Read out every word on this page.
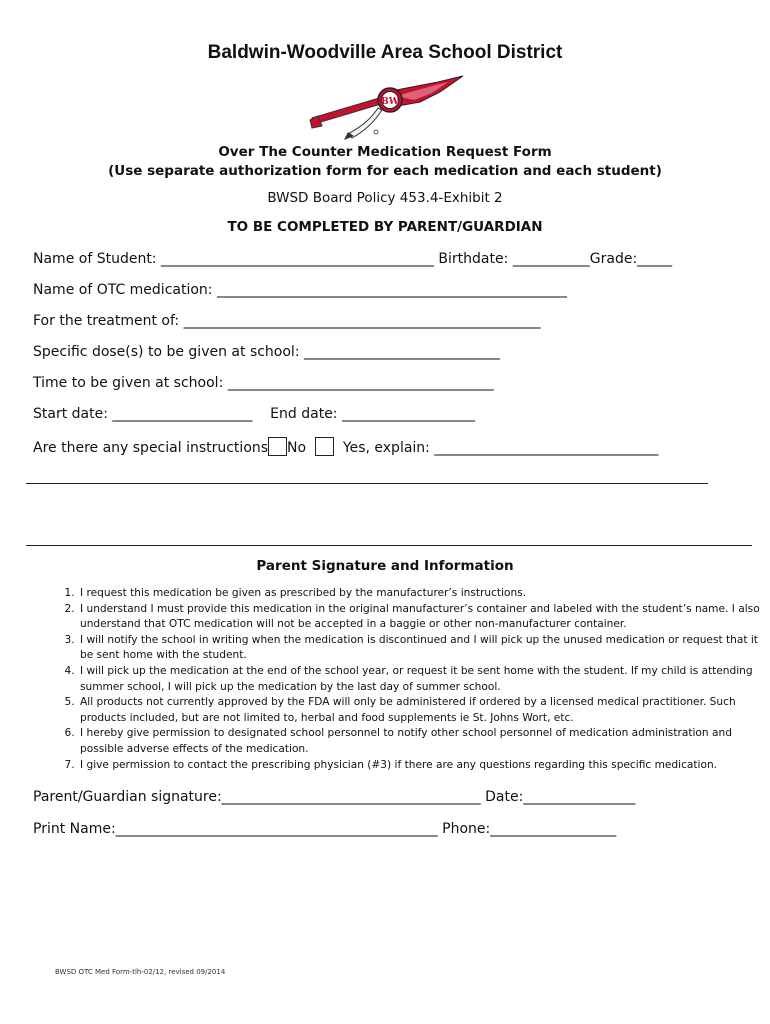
Baldwin-Woodville Area School District
BW
Over The Counter Medication Request Form
(Use separate authorization form for each medication and each student)
BWSD Board Policy 453.4-Exhibit 2
TO BE COMPLETED BY PARENT/GUARDIAN
Name of Student: _______________________________________ Birthdate: ___________Grade:_____
Name of OTC medication: __________________________________________________
For the treatment of: ___________________________________________________
Specific dose(s) to be given at school: ____________________________
Time to be given at school: ______________________________________
Start date: ____________________    End date: ___________________
Are there any special instructions No	Yes, explain: ________________________________
Parent Signature and Information
1. I request this medication be given as prescribed by the manufacturer’s instructions.
2. I understand I must provide this medication in the original manufacturer’s container and labeled with the student’s name. I also understand that OTC medication will not be accepted in a baggie or other non-manufacturer container.
3. I will notify the school in writing when the medication is discontinued and I will pick up the unused medication or request that it be sent home with the student.
4. I will pick up the medication at the end of the school year, or request it be sent home with the student. If my child is attending summer school, I will pick up the medication by the last day of summer school.
5. All products not currently approved by the FDA will only be administered if ordered by a licensed medical practitioner. Such products included, but are not limited to, herbal and food supplements ie St. Johns Wort, etc.
6. I hereby give permission to designated school personnel to notify other school personnel of medication administration and possible adverse effects of the medication.
7. I give permission to contact the prescribing physician (#3) if there are any questions regarding this specific medication.
Parent/Guardian signature:_____________________________________ Date:________________
Print Name:______________________________________________ Phone:__________________
BWSD OTC Med Form-tlh-02/12, revised 09/2014
